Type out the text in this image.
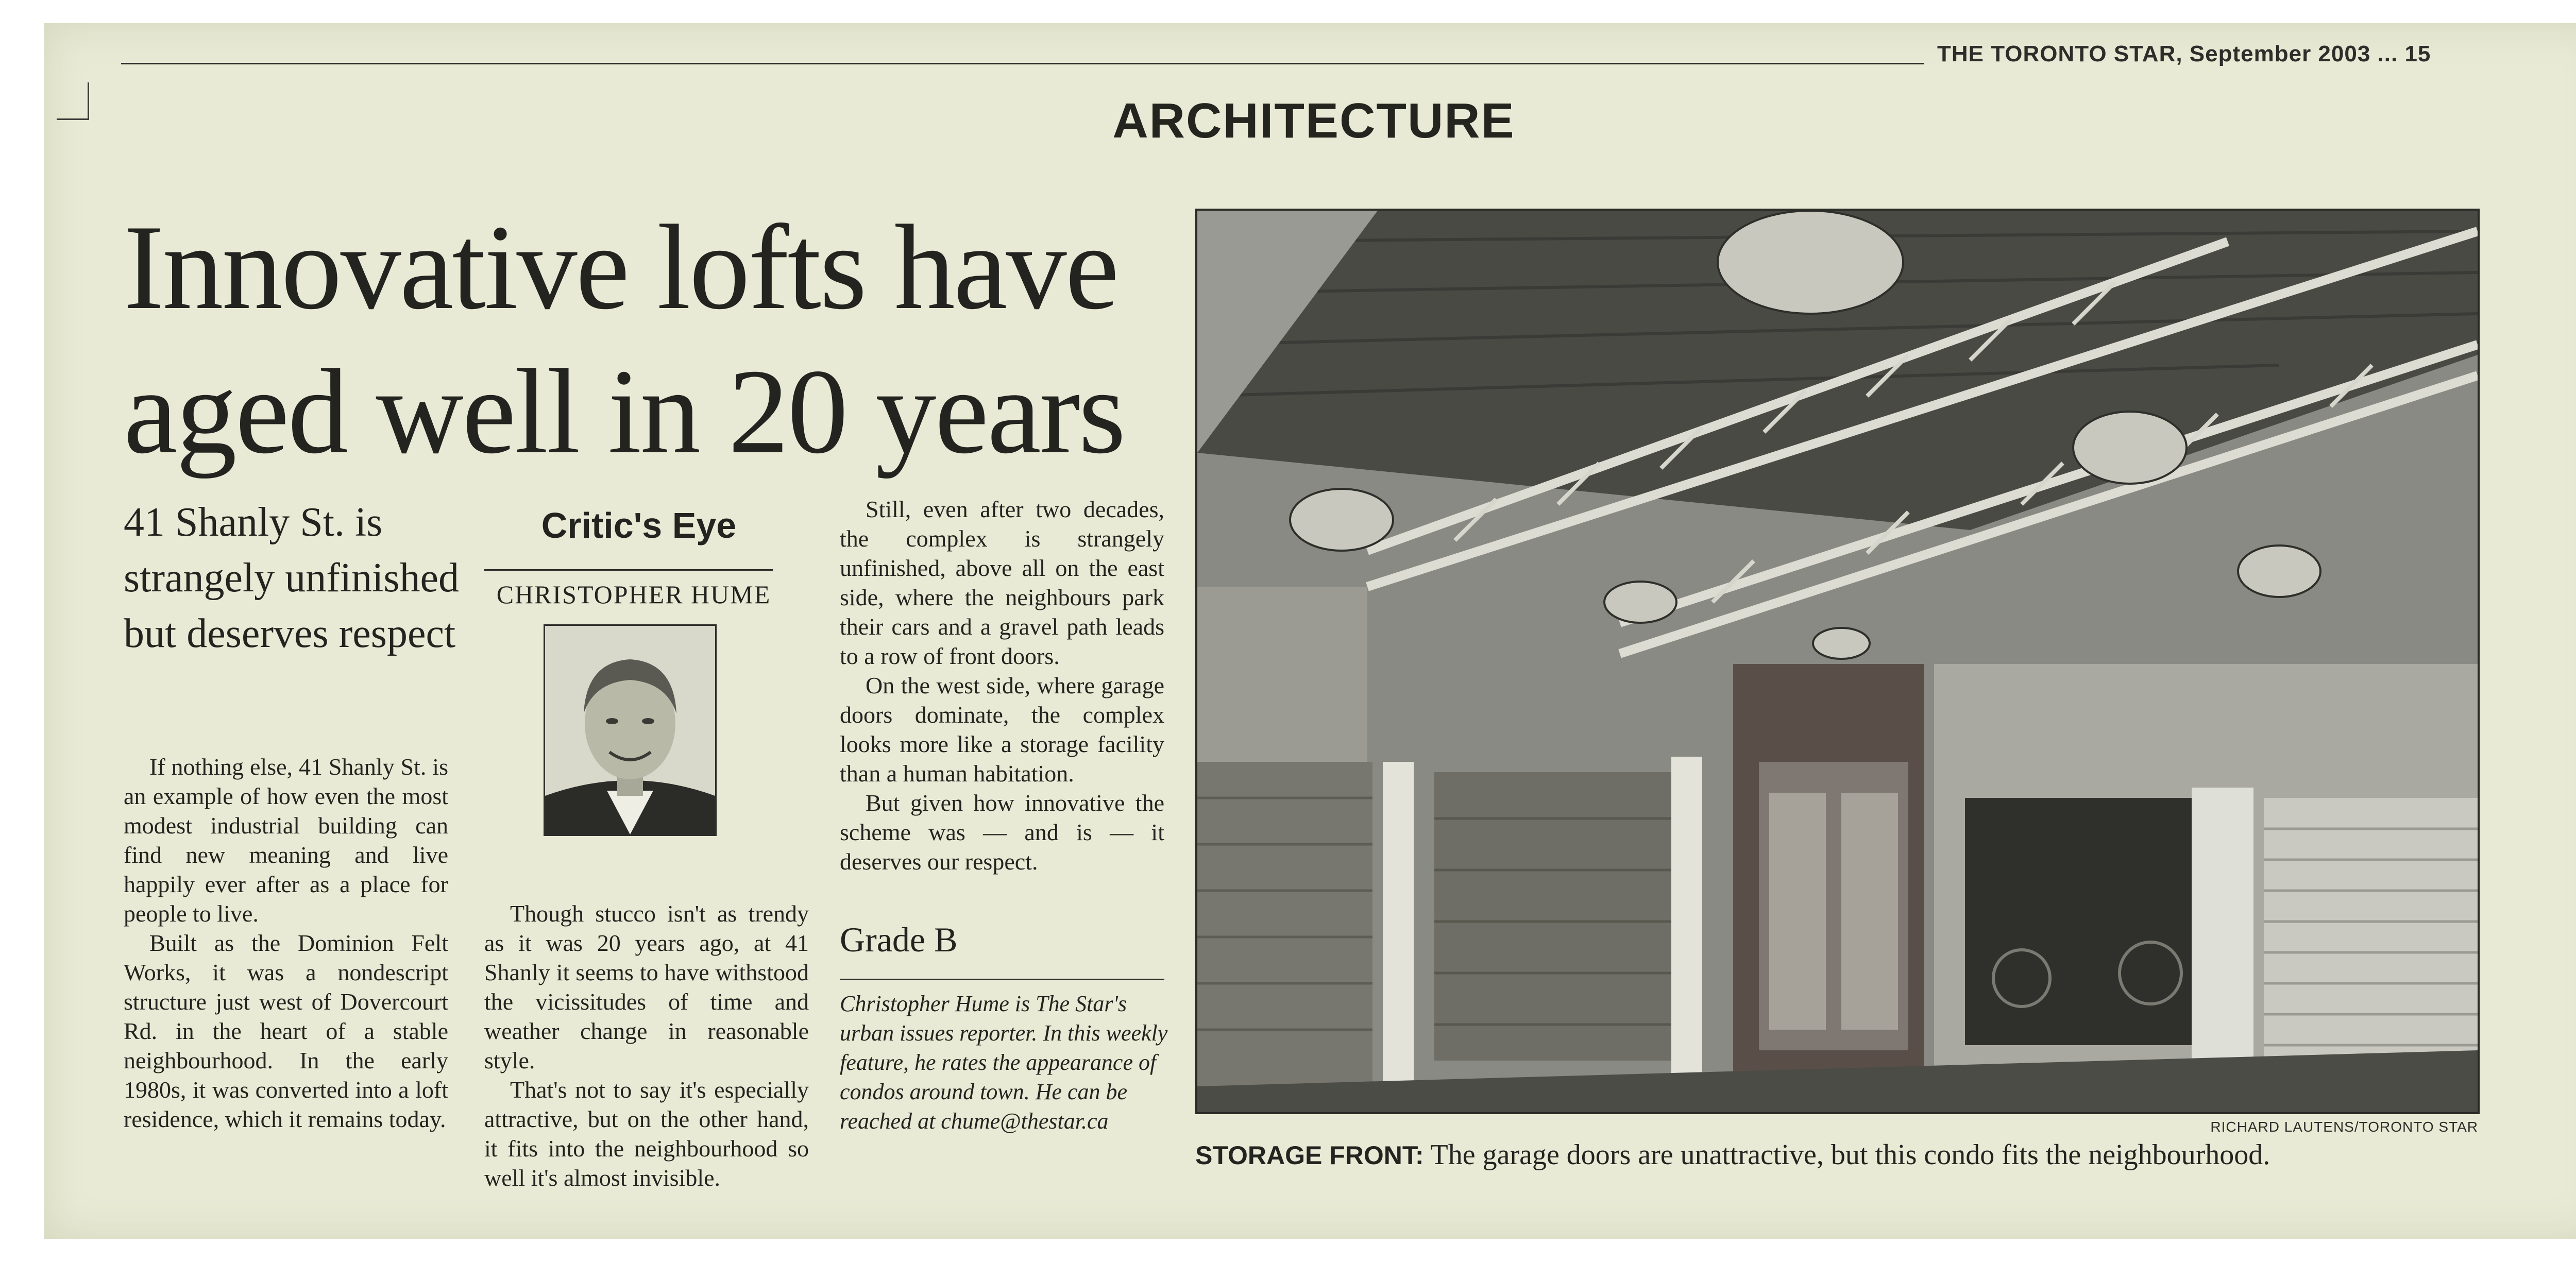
THE TORONTO STAR, September 2003 ... 15
ARCHITECTURE
Innovative lofts have aged well in 20 years
41 Shanly St. is strangely unfinished but deserves respect

If nothing else, 41 Shanly St. is an example of how even the most modest industrial building can find new meaning and live happily ever after as a place for people to live.

Built as the Dominion Felt Works, it was a nondescript structure just west of Dovercourt Rd. in the heart of a stable neighbourhood. In the early 1980s, it was converted into a loft residence, which it remains today.

Critic's Eye
CHRISTOPHER HUME

Though stucco isn't as trendy as it was 20 years ago, at 41 Shanly it seems to have withstood the vicissitudes of time and weather change in reasonable style.

That's not to say it's especially attractive, but on the other hand, it fits into the neighbourhood so well it's almost invisible.

Still, even after two decades, the complex is strangely unfinished, above all on the east side, where the neighbours park their cars and a gravel path leads to a row of front doors.

On the west side, where garage doors dominate, the complex looks more like a storage facility than a human habitation.

But given how innovative the scheme was — and is — it deserves our respect.

Grade B
Christopher Hume is The Star's urban issues reporter. In this weekly feature, he rates the appearance of condos around town. He can be reached at chume@thestar.ca	RICHARD LAUTENS/TORONTO STAR
STORAGE FRONT: The garage doors are unattractive, but this condo fits the neighbourhood.
